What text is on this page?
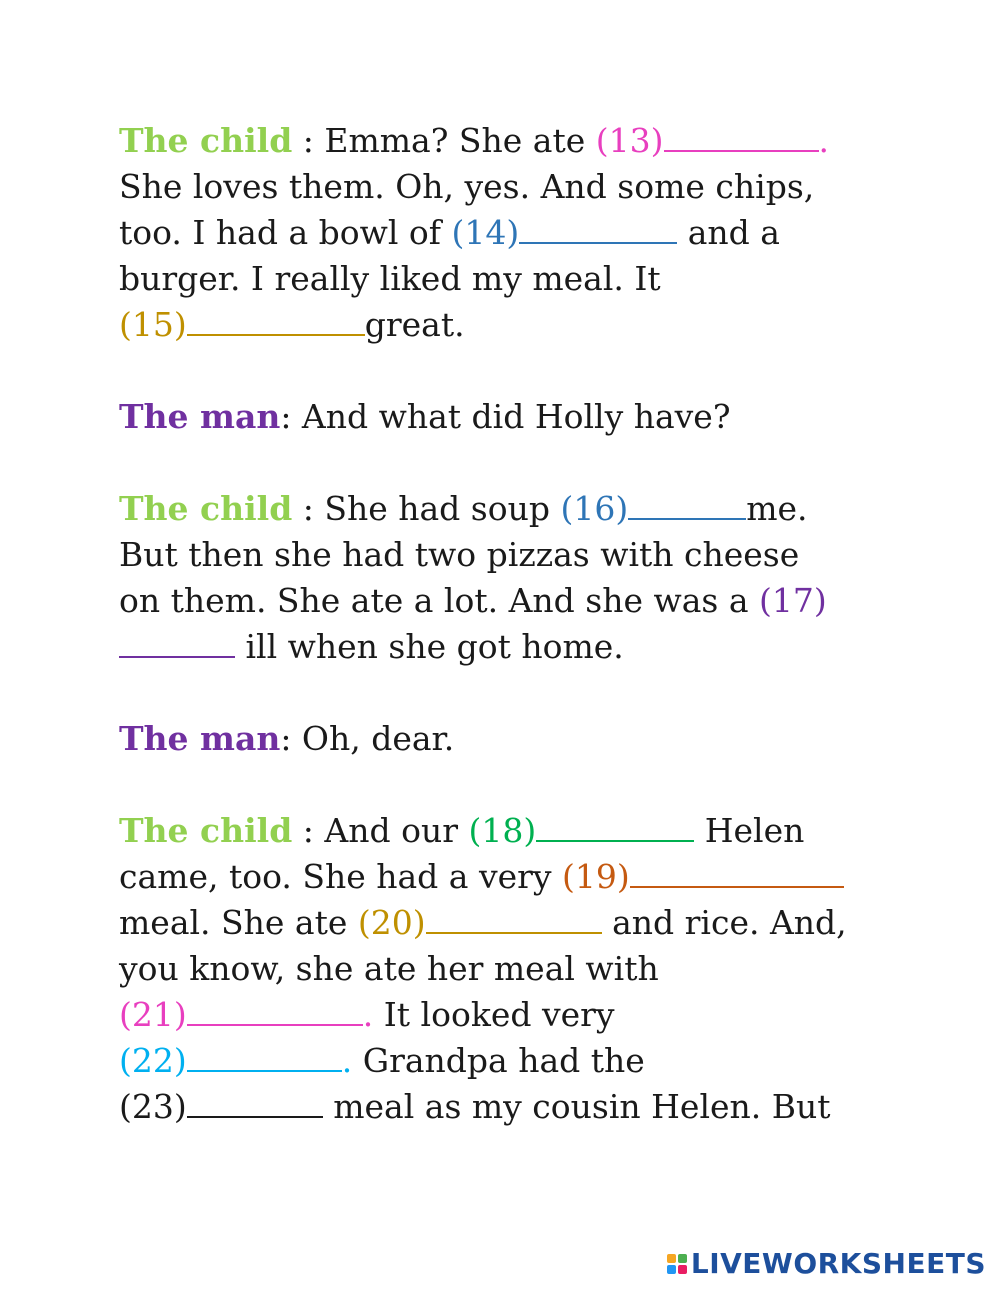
The child : Emma? She ate (13)	.
She loves them. Oh, yes. And some chips,
too. I had a bowl of (14)	and a
burger. I really liked my meal. It
(15)	great.

The man: And what did Holly have?

The child : She had soup (16)	me.
But then she had two pizzas with cheese
on them. She ate a lot. And she was a (17)
ill when she got home.

The man: Oh, dear.

The child : And our (18)	Helen
came, too. She had a very (19)
meal. She ate (20)	and rice. And,
you know, she ate her meal with
(21)	. It looked very
(22)	. Grandpa had the
(23)	meal as my cousin Helen. But

LIVEWORKSHEETS
